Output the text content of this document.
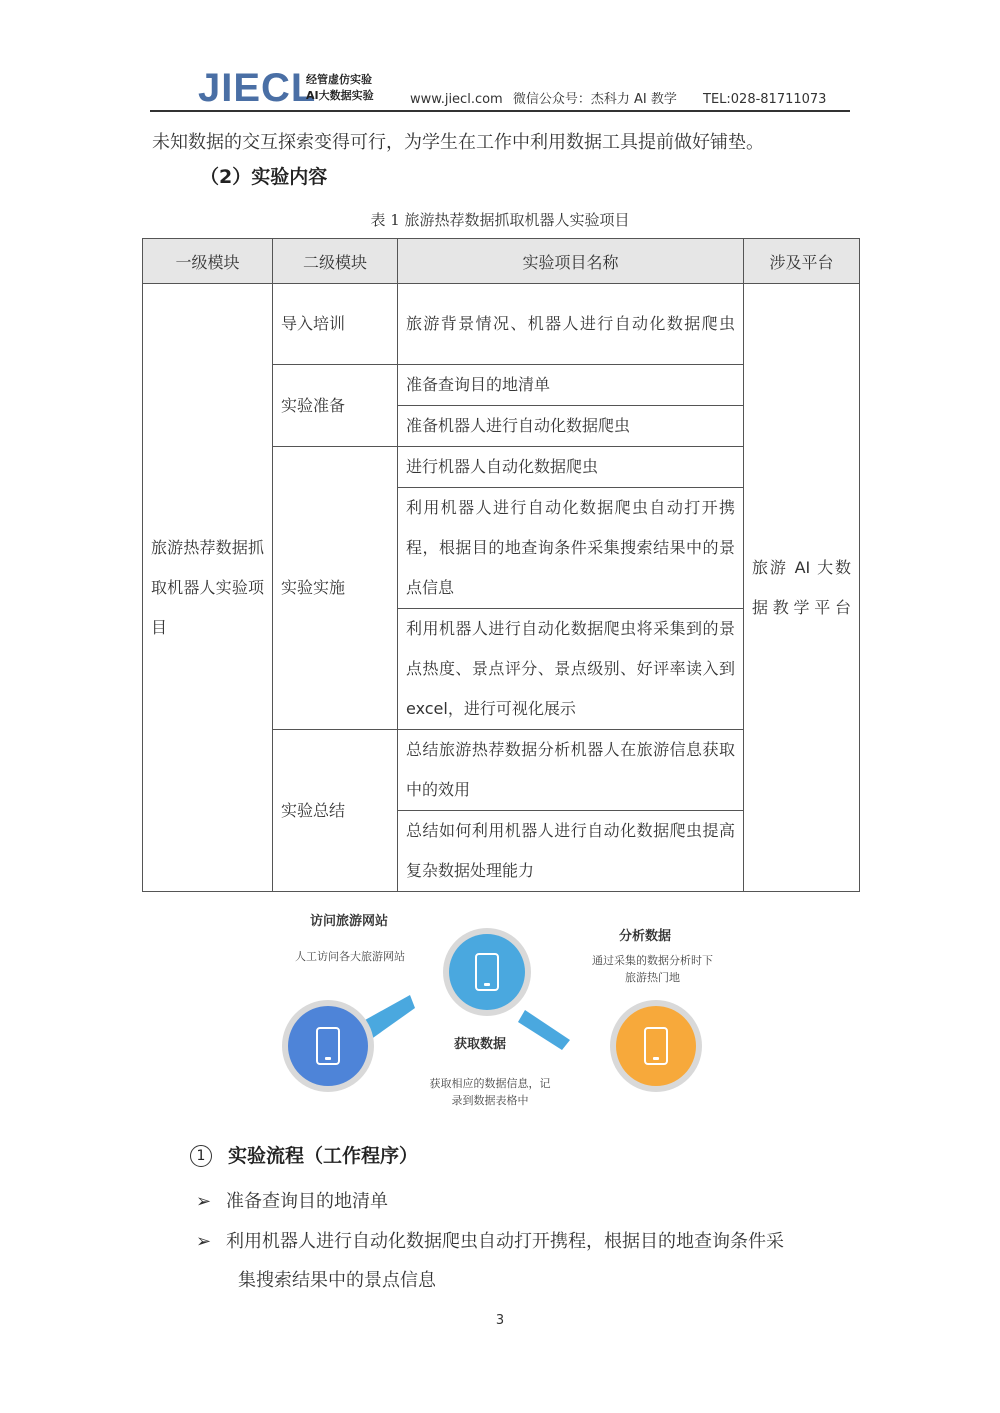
JIECL
经管虚仿实验
AI大数据实验	www.jiecl.com 微信公众号：杰科力 AI 教学 TEL:028-81711073
未知数据的交互探索变得可行，为学生在工作中利用数据工具提前做好铺垫。
（2）实验内容
表 1 旅游热荐数据抓取机器人实验项目
一级模块	二级模块	实验项目名称	涉及平台
旅游热荐数据抓取机器人实验项目	导入培训	旅游背景情况、机器人进行自动化数据爬虫	旅游 AI 大数据教学平台
	实验准备	准备查询目的地清单	
		准备机器人进行自动化数据爬虫	
	实验实施	进行机器人自动化数据爬虫	
		利用机器人进行自动化数据爬虫自动打开携程，根据目的地查询条件采集搜索结果中的景点信息	
		利用机器人进行自动化数据爬虫将采集到的景点热度、景点评分、景点级别、好评率读入到 excel，进行可视化展示	
	实验总结	总结旅游热荐数据分析机器人在旅游信息获取中的效用	
		总结如何利用机器人进行自动化数据爬虫提高复杂数据处理能力	
访问旅游网站
人工访问各大旅游网站
获取数据
获取相应的数据信息，记
录到数据表格中
分析数据
通过采集的数据分析时下
旅游热门地
1 实验流程（工作程序）
➢ 准备查询目的地清单
➢ 利用机器人进行自动化数据爬虫自动打开携程，根据目的地查询条件采
集搜索结果中的景点信息
3
